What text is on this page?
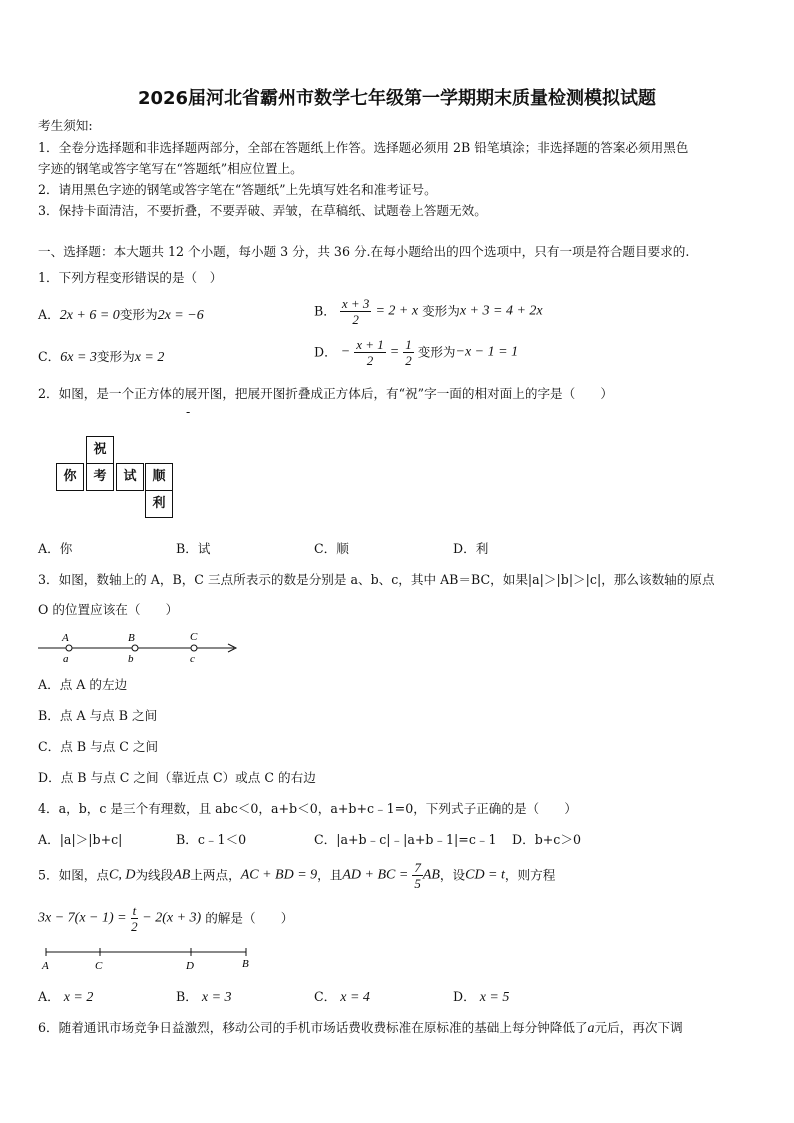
2026届河北省霸州市数学七年级第一学期期末质量检测模拟试题
考生须知:
1．全卷分选择题和非选择题两部分，全部在答题纸上作答。选择题必须用 2B 铅笔填涂；非选择题的答案必须用黑色
字迹的钢笔或答字笔写在“答题纸”相应位置上。
2．请用黑色字迹的钢笔或答字笔在“答题纸”上先填写姓名和准考证号。
3．保持卡面清洁，不要折叠，不要弄破、弄皱，在草稿纸、试题卷上答题无效。
一、选择题：本大题共 12 个小题，每小题 3 分，共 36 分.在每小题给出的四个选项中，只有一项是符合题目要求的.
1．下列方程变形错误的是（　）
A．2x + 6 = 0变形为2x = −6	B． $\frac{x + 3}{2} = 2 + x$ 变形为x + 3 = 4 + 2x
C．6x = 3变形为x = 2	D． − $\frac{x + 1}{2} = \frac{1}{2}$ 变形为−x − 1 = 1
2．如图，是一个正方体的展开图，把展开图折叠成正方体后，有“祝”字一面的相对面上的字是（　　）
-
祝
你	考	试	顺
利
A．你	B．试	C．顺	D．利
3．如图，数轴上的 A，B，C 三点所表示的数是分别是 a、b、c，其中 AB＝BC，如果|a|＞|b|＞|c|，那么该数轴的原点
O 的位置应该在（　　）
A
a
B
b
C
c
A．点 A 的左边
B．点 A 与点 B 之间
C．点 B 与点 C 之间
D．点 B 与点 C 之间（靠近点 C）或点 C 的右边
4．a，b，c 是三个有理数，且 abc＜0，a+b＜0，a+b+c﹣1=0，下列式子正确的是（　　）
A．|a|＞|b+c|	B．c﹣1＜0	C．|a+b﹣c|﹣|a+b﹣1|=c﹣1 D．b+c＞0
5．如图，点C, D为线段AB上两点，AC + BD = 9，且AD + BC = $\frac{7}{5}$ AB，设CD = t，则方程
$3x - 7(x - 1) = \frac{t}{2} - 2(x + 3)$ 的解是（　　）
A	C	D	B
A． x = 2	B． x = 3	C． x = 4	D． x = 5
6．随着通讯市场竞争日益激烈，移动公司的手机市场话费收费标准在原标准的基础上每分钟降低了a元后，再次下调
